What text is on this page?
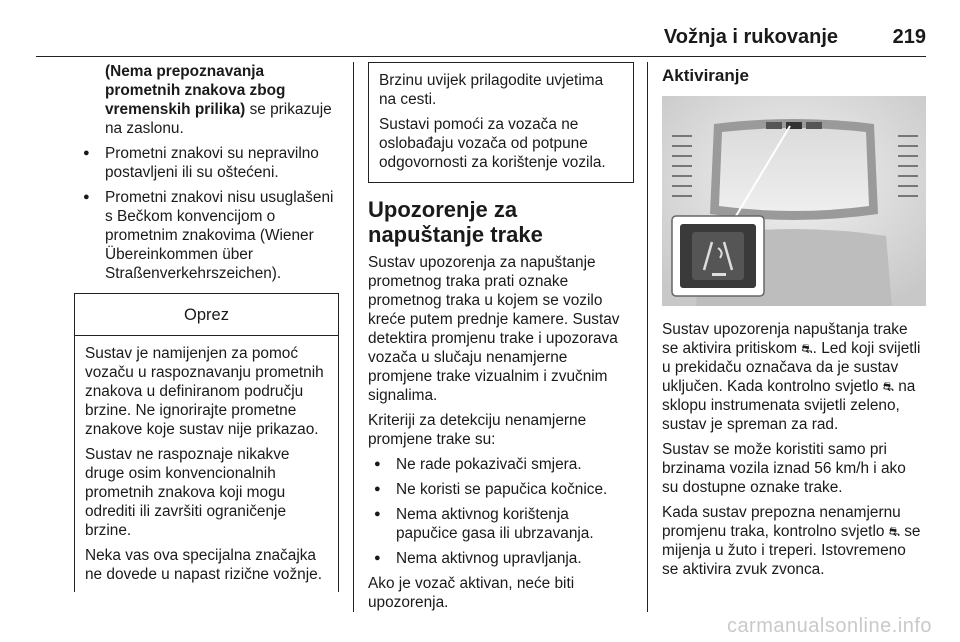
Vožnja i rukovanje	219
(Nema prepoznavanja prometnih znakova zbog vremenskih prilika) se prikazuje na zaslonu.
● Prometni znakovi su nepravilno postavljeni ili su oštećeni.
● Prometni znakovi nisu usuglašeni s Bečkom konvencijom o prometnim znakovima (Wiener Übereinkommen über Straßenverkehrszeichen).
Oprez

Sustav je namijenjen za pomoć vozaču u raspoznavanju prometnih znakova u definiranom području brzine. Ne ignorirajte prometne znakove koje sustav nije prikazao.

Sustav ne raspoznaje nikakve druge osim konvencionalnih prometnih znakova koji mogu odrediti ili završiti ograničenje brzine.

Neka vas ova specijalna značajka ne dovede u napast rizične vožnje.

Brzinu uvijek prilagodite uvjetima na cesti.

Sustavi pomoći za vozača ne oslobađaju vozača od potpune odgovornosti za korištenje vozila.

Upozorenje za napuštanje trake

Sustav upozorenja za napuštanje prometnog traka prati oznake prometnog traka u kojem se vozilo kreće putem prednje kamere. Sustav detektira promjenu trake i upozorava vozača u slučaju nenamjerne promjene trake vizualnim i zvučnim signalima.

Kriteriji za detekciju nenamjerne promjene trake su:

● Ne rade pokazivači smjera.
● Ne koristi se papučica kočnice.
● Nema aktivnog korištenja papučice gasa ili ubrzavanja.
● Nema aktivnog upravljanja.

Ako je vozač aktivan, neće biti upozorenja.

Aktiviranje

Sustav upozorenja napuštanja trake se aktivira pritiskom ⛐. Led koji svijetli u prekidaču označava da je sustav uključen. Kada kontrolno svjetlo ⛐ na sklopu instrumenata svijetli zeleno, sustav je spreman za rad.

Sustav se može koristiti samo pri brzinama vozila iznad 56 km/h i ako su dostupne oznake trake.

Kada sustav prepozna nenamjernu promjenu traka, kontrolno svjetlo ⛐ se mijenja u žuto i treperi. Istovremeno se aktivira zvuk zvonca.

carmanualsonline.info
